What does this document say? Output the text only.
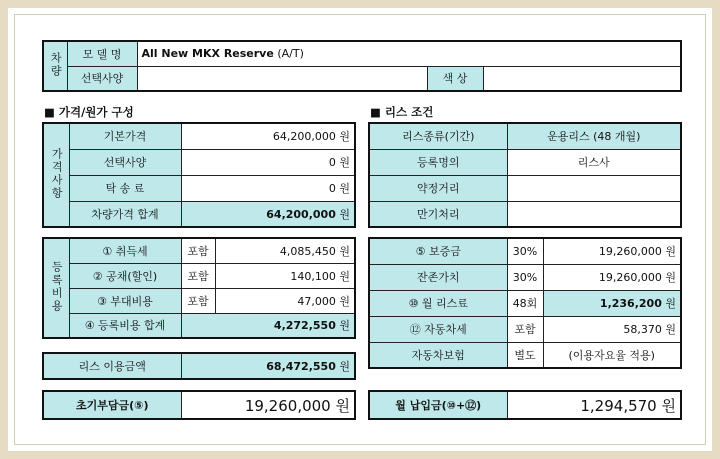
차량	모 델 명	All New MKX Reserve (A/T)		
	선택사양		색 상	
■ 가격/원가 구성	■ 리스 조건
가격사항	기본가격	64,200,000 원
	선택사양	0 원
	탁 송 료	0 원
	차량가격 합계	64,200,000 원
등록비용	① 취득세	포함	4,085,450 원
	② 공채(할인)	포함	140,100 원
	③ 부대비용	포함	47,000 원
	④ 등록비용 합계	4,272,550 원	
리스 이용금액	68,472,550 원
초기부담금(⑤)	19,260,000 원
리스종류(기간)	운용리스 (48 개월)
등록명의	리스사
약정거리	
만기처리	
⑤ 보증금	30%	19,260,000 원
잔존가치	30%	19,260,000 원
⑩ 월 리스료	48회	1,236,200 원
⑫ 자동차세	포함	58,370 원
자동차보험	별도	(이용자요율 적용)
월 납입금(⑩+⑫)	1,294,570 원
